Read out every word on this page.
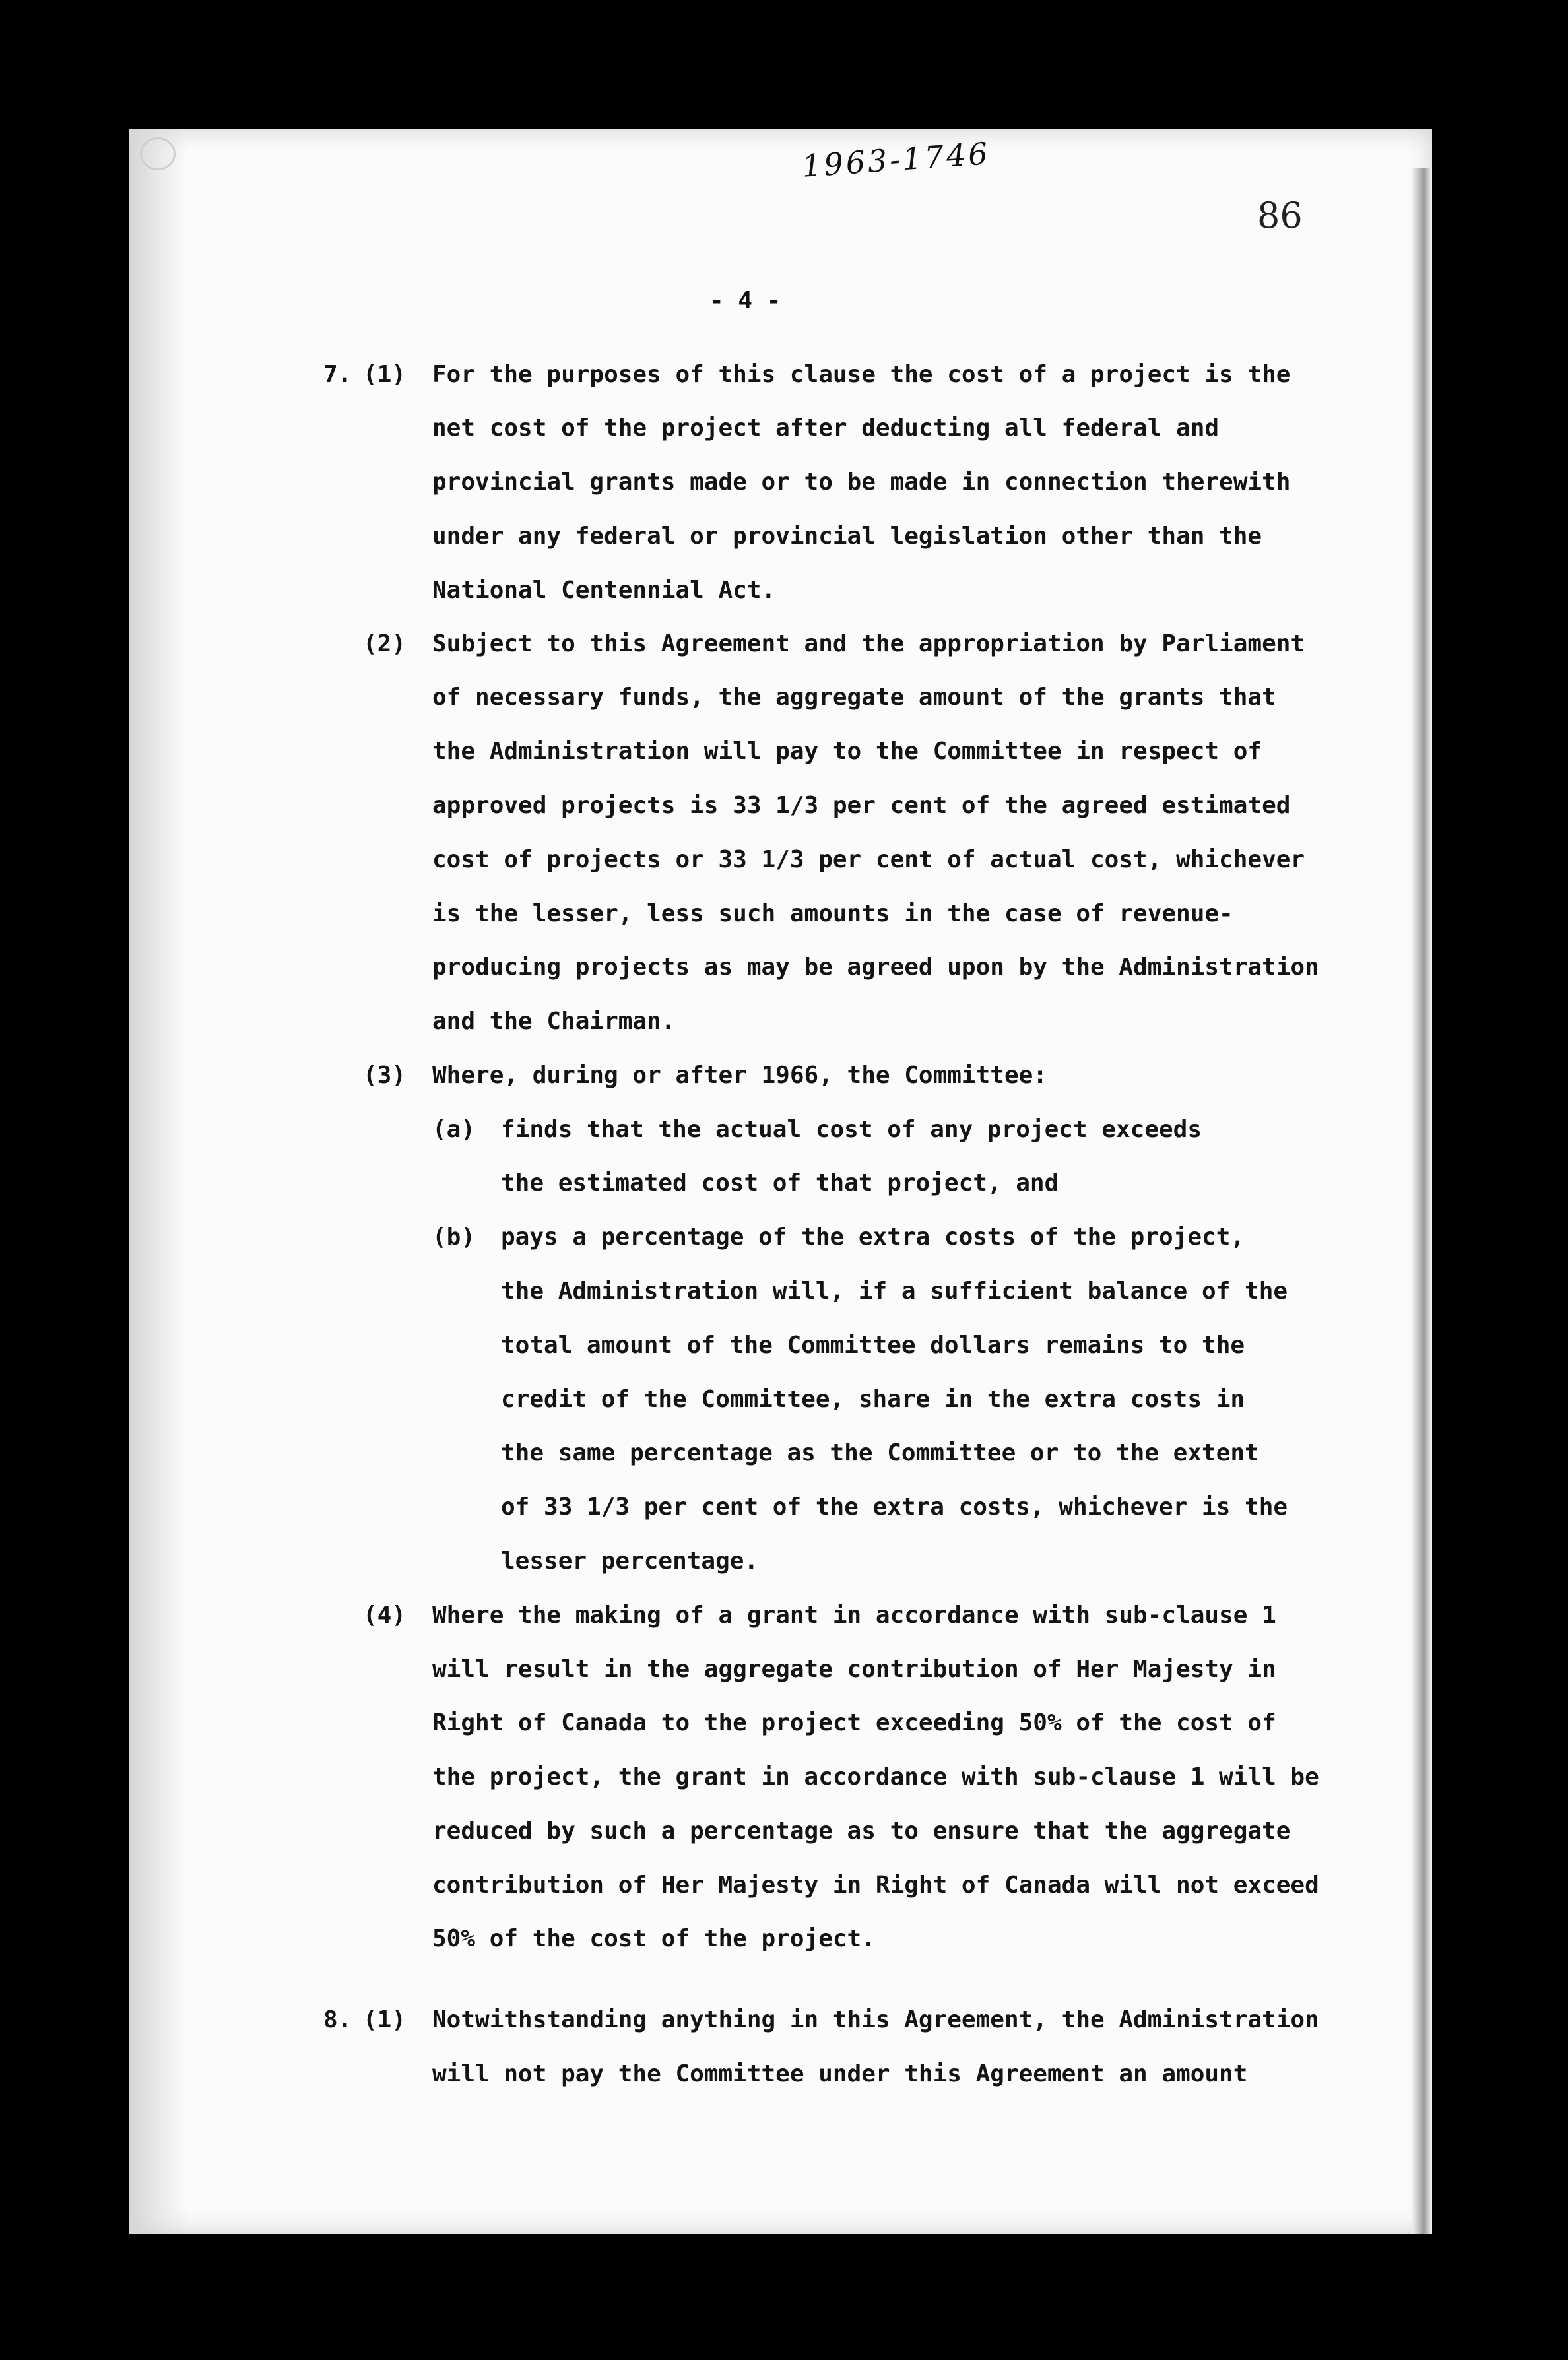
1963-1746
86
- 4 -
7. (1) For the purposes of this clause the cost of a project is the
net cost of the project after deducting all federal and
provincial grants made or to be made in connection therewith
under any federal or provincial legislation other than the
National Centennial Act.
(2) Subject to this Agreement and the appropriation by Parliament
of necessary funds, the aggregate amount of the grants that
the Administration will pay to the Committee in respect of
approved projects is 33 1/3 per cent of the agreed estimated
cost of projects or 33 1/3 per cent of actual cost, whichever
is the lesser, less such amounts in the case of revenue-
producing projects as may be agreed upon by the Administration
and the Chairman.
(3) Where, during or after 1966, the Committee:
(a) finds that the actual cost of any project exceeds
the estimated cost of that project, and
(b) pays a percentage of the extra costs of the project,
the Administration will, if a sufficient balance of the
total amount of the Committee dollars remains to the
credit of the Committee, share in the extra costs in
the same percentage as the Committee or to the extent
of 33 1/3 per cent of the extra costs, whichever is the
lesser percentage.
(4) Where the making of a grant in accordance with sub-clause 1
will result in the aggregate contribution of Her Majesty in
Right of Canada to the project exceeding 50% of the cost of
the project, the grant in accordance with sub-clause 1 will be
reduced by such a percentage as to ensure that the aggregate
contribution of Her Majesty in Right of Canada will not exceed
50% of the cost of the project.
8. (1) Notwithstanding anything in this Agreement, the Administration
will not pay the Committee under this Agreement an amount
